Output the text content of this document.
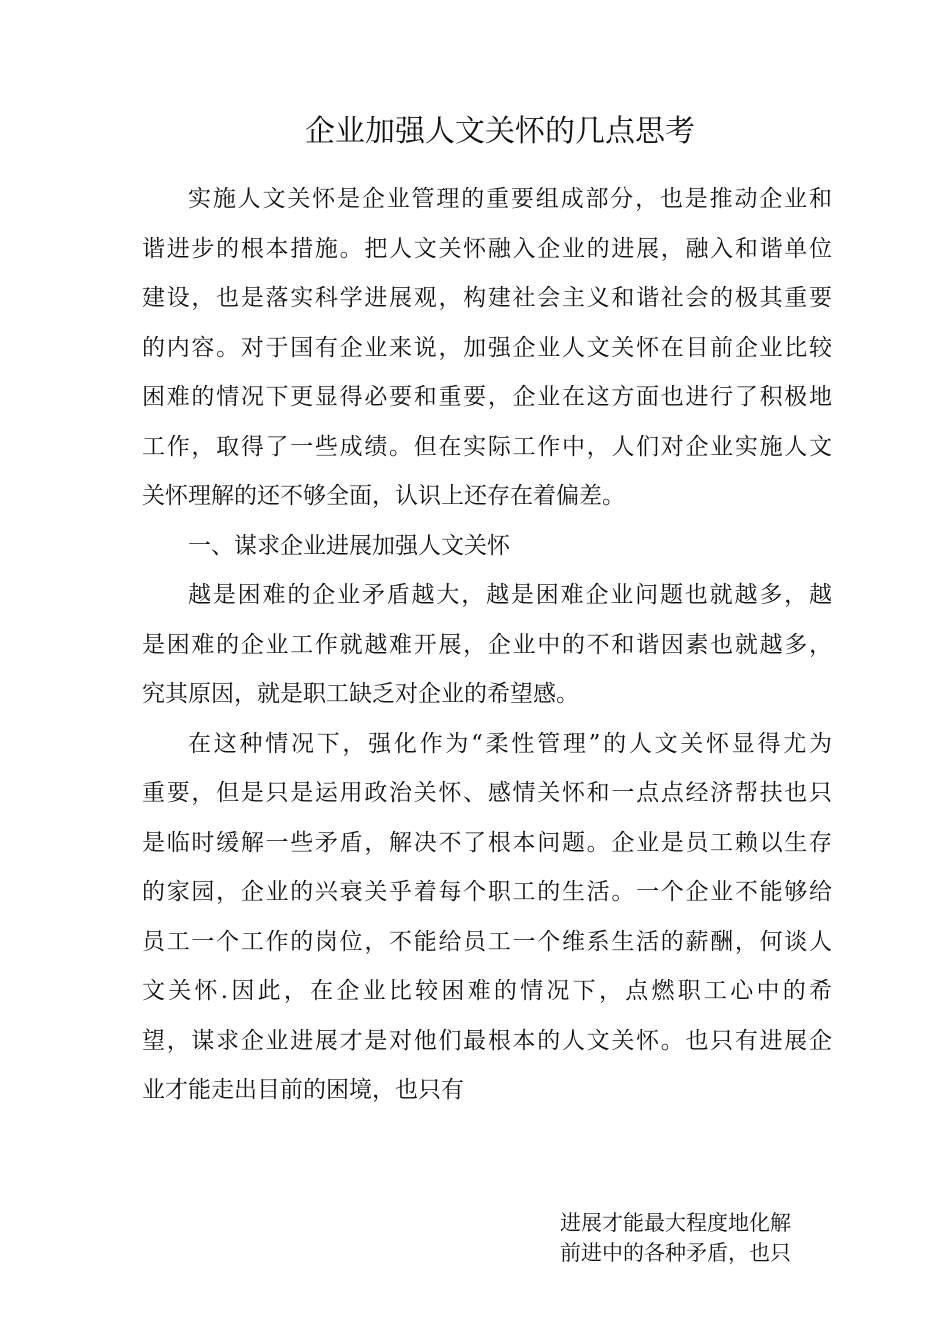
企业加强人文关怀的几点思考
实施人文关怀是企业管理的重要组成部分，也是推动企业和
谐进步的根本措施。把人文关怀融入企业的进展，融入和谐单位
建设，也是落实科学进展观，构建社会主义和谐社会的极其重要
的内容。对于国有企业来说，加强企业人文关怀在目前企业比较
困难的情况下更显得必要和重要，企业在这方面也进行了积极地
工作，取得了一些成绩。但在实际工作中，人们对企业实施人文
关怀理解的还不够全面，认识上还存在着偏差。
一、谋求企业进展加强人文关怀
越是困难的企业矛盾越大，越是困难企业问题也就越多，越
是困难的企业工作就越难开展，企业中的不和谐因素也就越多，
究其原因，就是职工缺乏对企业的希望感。
在这种情况下，强化作为“柔性管理”的人文关怀显得尤为
重要，但是只是运用政治关怀、感情关怀和一点点经济帮扶也只
是临时缓解一些矛盾，解决不了根本问题。企业是员工赖以生存
的家园，企业的兴衰关乎着每个职工的生活。一个企业不能够给
员工一个工作的岗位，不能给员工一个维系生活的薪酬，何谈人
文关怀.因此，在企业比较困难的情况下，点燃职工心中的希
望，谋求企业进展才是对他们最根本的人文关怀。也只有进展企
业才能走出目前的困境，也只有
进展才能最大程度地化解
前进中的各种矛盾，也只
